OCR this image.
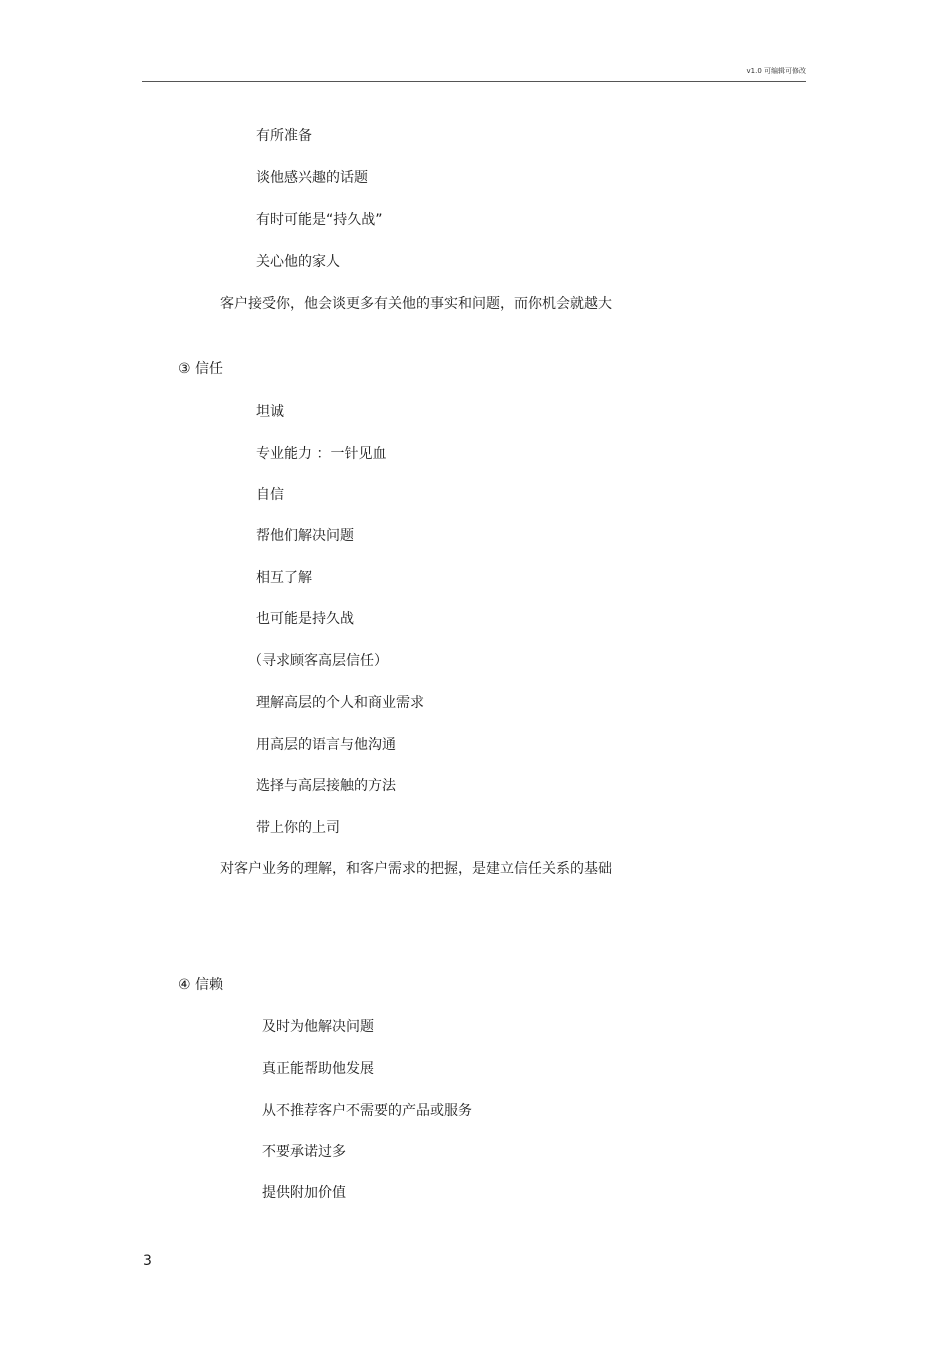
v1.0 可编辑可修改
有所准备
谈他感兴趣的话题
有时可能是“持久战”
关心他的家人
客户接受你，他会谈更多有关他的事实和问题，而你机会就越大
③ 信任
坦诚
专业能力 ：一针见血
自信
帮他们解决问题
相互了解
也可能是持久战
（寻求顾客高层信任）
理解高层的个人和商业需求
用高层的语言与他沟通
选择与高层接触的方法
带上你的上司
对客户业务的理解，和客户需求的把握，是建立信任关系的基础
④ 信赖
及时为他解决问题
真正能帮助他发展
从不推荐客户不需要的产品或服务
不要承诺过多
提供附加价值
3
